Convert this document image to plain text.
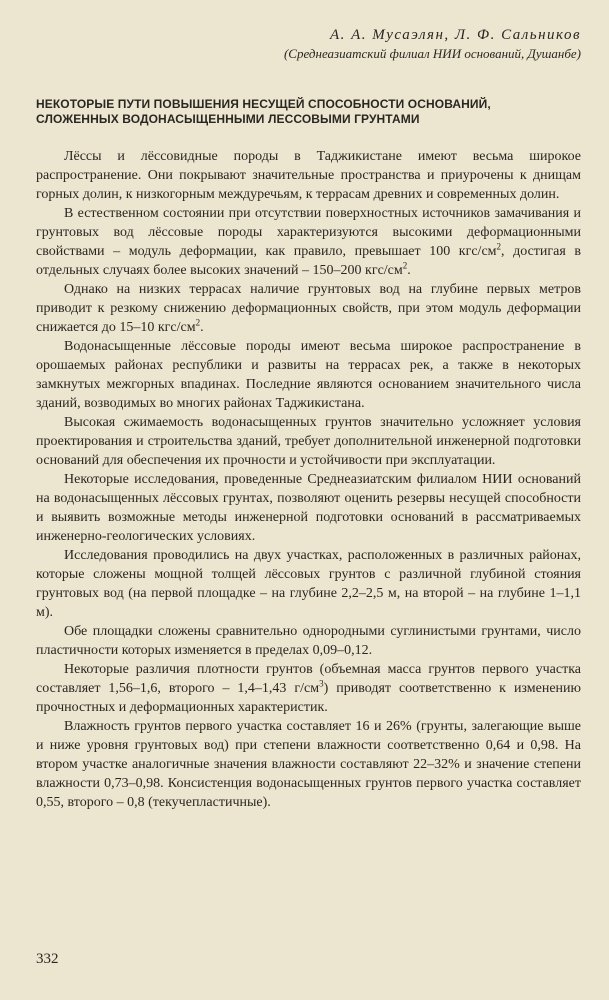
А. А. Мусаэлян, Л. Ф. Сальников
(Среднеазиатский филиал НИИ оснований, Душанбе)
НЕКОТОРЫЕ ПУТИ ПОВЫШЕНИЯ НЕСУЩЕЙ СПОСОБНОСТИ ОСНОВАНИЙ,
СЛОЖЕННЫХ ВОДОНАСЫЩЕННЫМИ ЛЕССОВЫМИ ГРУНТАМИ

Лёссы и лёссовидные породы в Таджикистане имеют весьма широкое распространение. Они покрывают значительные пространства и приурочены к днищам горных долин, к низкогорным междуречьям, к террасам древних и современных долин.

В естественном состоянии при отсутствии поверхностных источников замачивания и грунтовых вод лёссовые породы характеризуются высокими деформационными свойствами – модуль деформации, как правило, превышает 100 кгс/$см^2$, достигая в отдельных случаях более высоких значений – 150–200 кгс/$см^2$.

Однако на низких террасах наличие грунтовых вод на глубине первых метров приводит к резкому снижению деформационных свойств, при этом модуль деформации снижается до 15–10 кгс/$см^2$.

Водонасыщенные лёссовые породы имеют весьма широкое распространение в орошаемых районах республики и развиты на террасах рек, а также в некоторых замкнутых межгорных впадинах. Последние являются основанием значительного числа зданий, возводимых во многих районах Таджикистана.

Высокая сжимаемость водонасыщенных грунтов значительно усложняет условия проектирования и строительства зданий, требует дополнительной инженерной подготовки оснований для обеспечения их прочности и устойчивости при эксплуатации.

Некоторые исследования, проведенные Среднеазиатским филиалом НИИ оснований на водонасыщенных лёссовых грунтах, позволяют оценить резервы несущей способности и выявить возможные методы инженерной подготовки оснований в рассматриваемых инженерно-геологических условиях.

Исследования проводились на двух участках, расположенных в различных районах, которые сложены мощной толщей лёссовых грунтов с различной глубиной стояния грунтовых вод (на первой площадке – на глубине 2,2–2,5 м, на второй – на глубине 1–1,1 м).

Обе площадки сложены сравнительно однородными суглинистыми грунтами, число пластичности которых изменяется в пределах 0,09–0,12.

Некоторые различия плотности грунтов (объемная масса грунтов первого участка составляет 1,56–1,6, второго – 1,4–1,43 $г/см^3$) приводят соответственно к изменению прочностных и деформационных характеристик.

Влажность грунтов первого участка составляет 16 и 26% (грунты, залегающие выше и ниже уровня грунтовых вод) при степени влажности соответственно 0,64 и 0,98. На втором участке аналогичные значения влажности составляют 22–32% и значение степени влажности 0,73–0,98. Консистенция водонасыщенных грунтов первого участка составляет 0,55, второго – 0,8 (текучепластичные).

332
